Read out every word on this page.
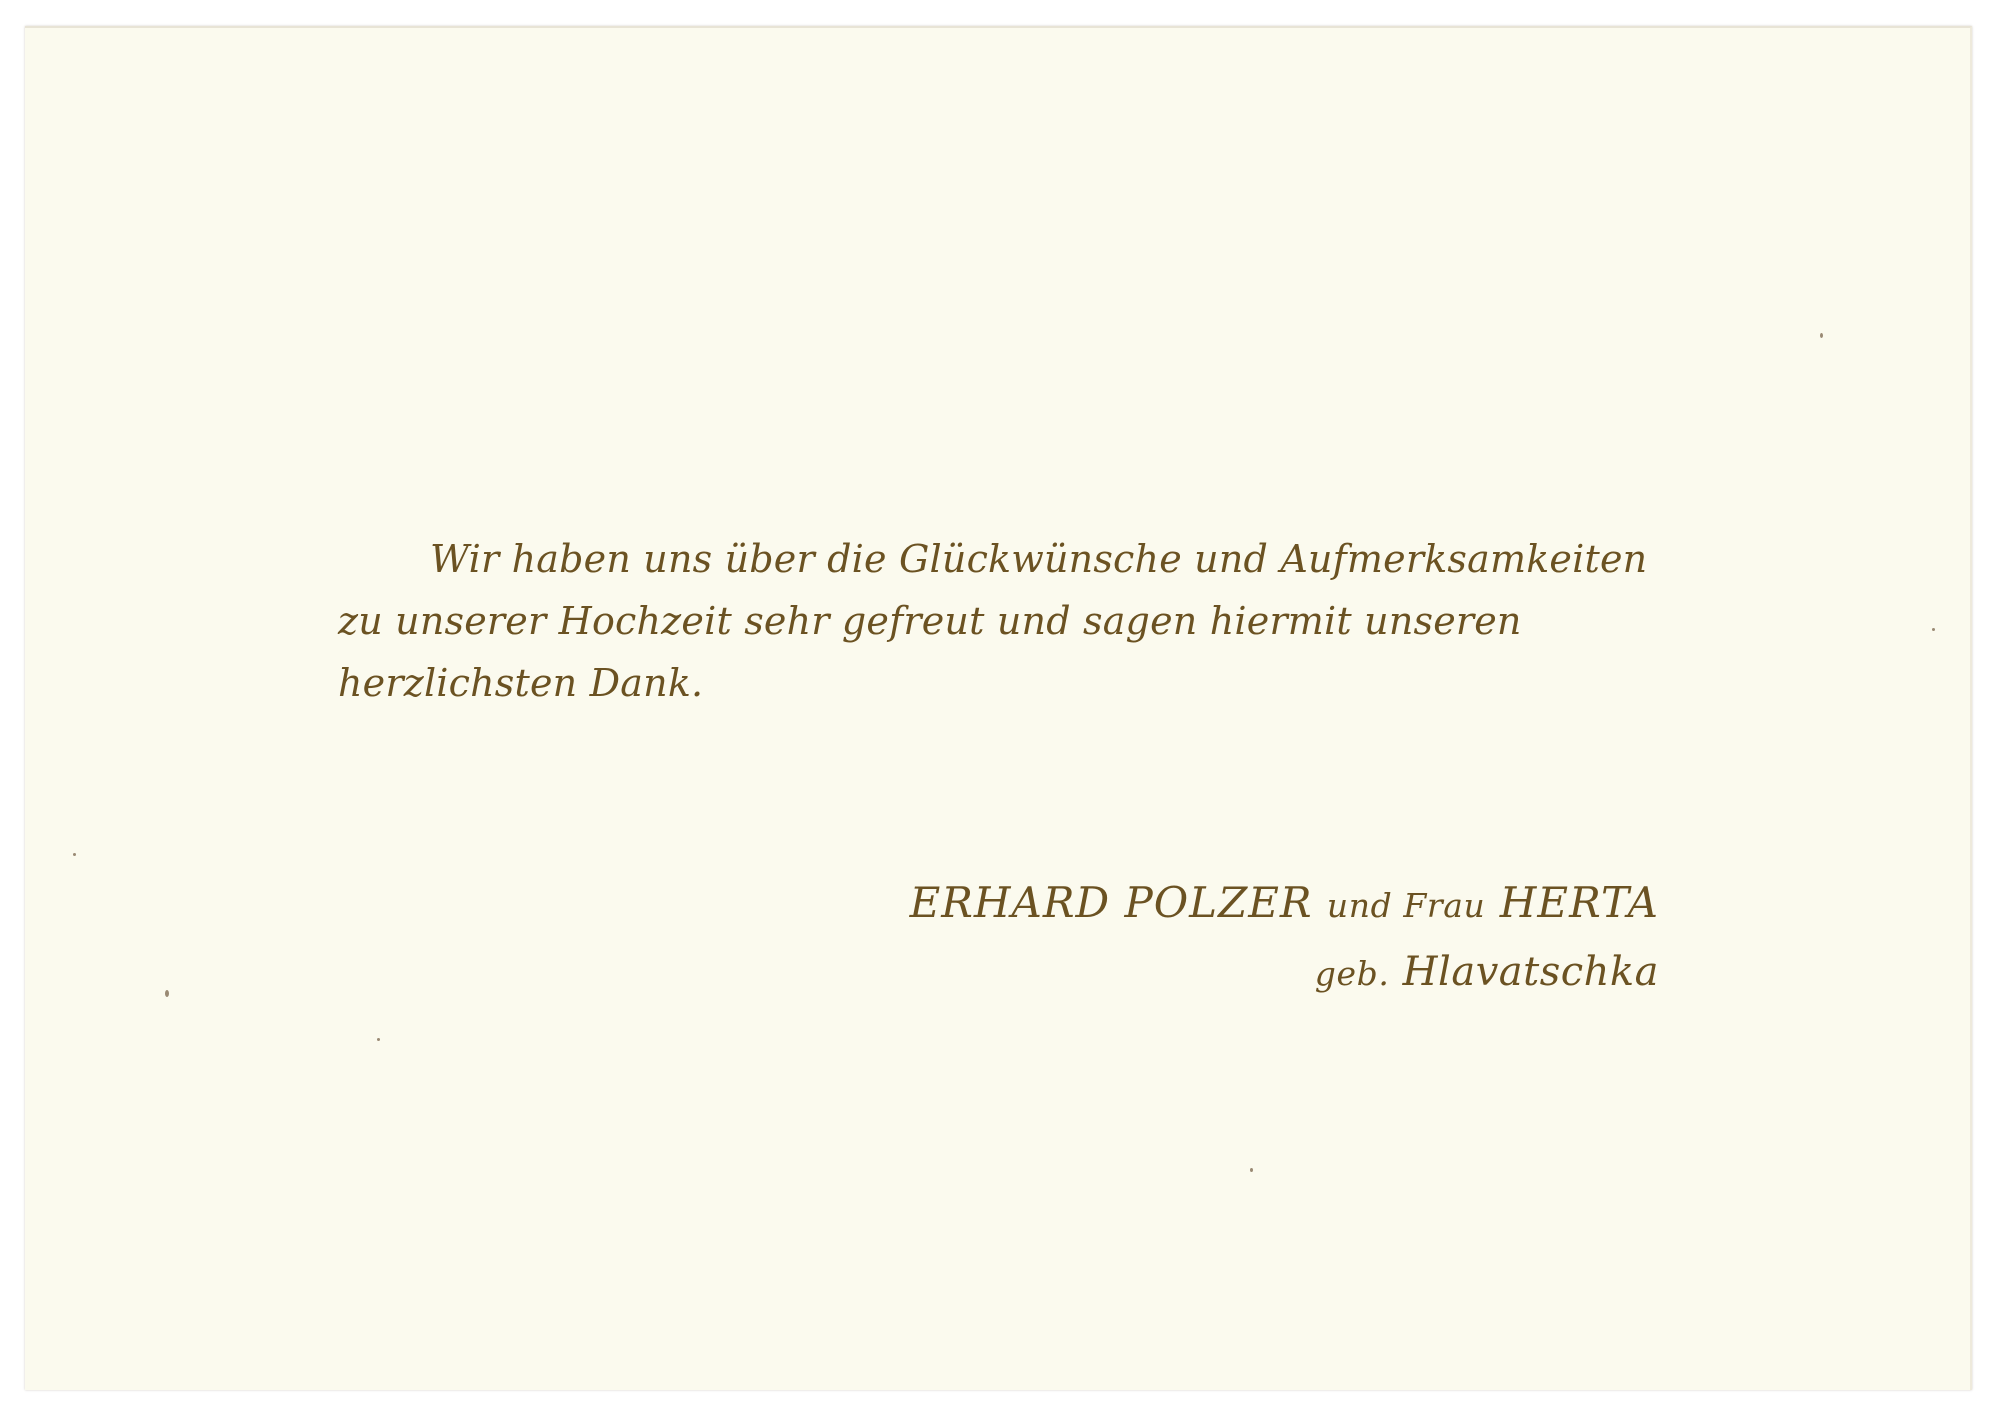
Wir haben uns über die Glückwünsche und Aufmerksamkeiten
zu unserer Hochzeit sehr gefreut und sagen hiermit unseren
herzlichsten Dank.
ERHARD POLZER und Frau HERTA
geb. Hlavatschka
